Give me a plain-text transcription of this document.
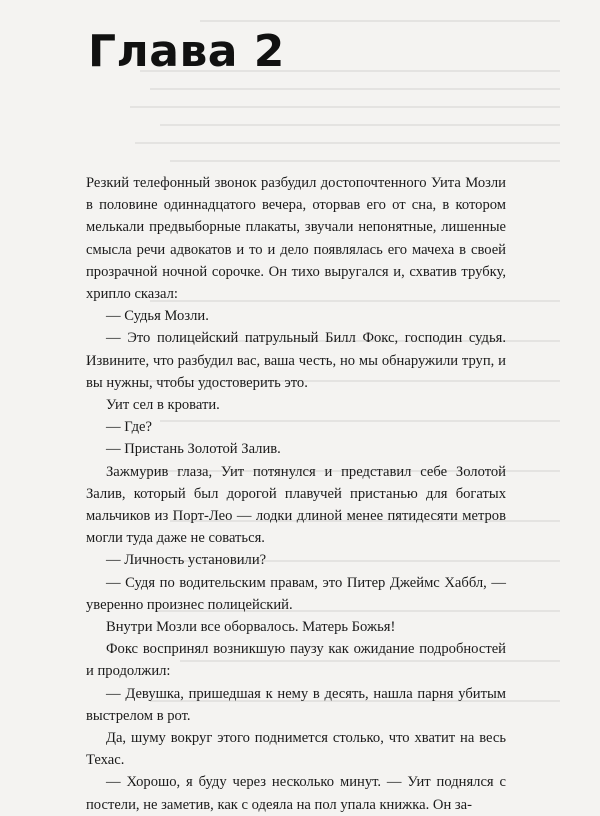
Глава 2

Резкий телефонный звонок разбудил достопочтенного Уита Мозли в половине одиннадцатого вечера, оторвав его от сна, в котором мелькали предвыборные плакаты, звучали непонятные, лишенные смысла речи адвокатов и то и дело появлялась его мачеха в своей прозрачной ночной сорочке. Он тихо выругался и, схватив трубку, хрипло сказал:

— Судья Мозли.

— Это полицейский патрульный Билл Фокс, господин судья. Извините, что разбудил вас, ваша честь, но мы обнаружили труп, и вы нужны, чтобы удостоверить это.

Уит сел в кровати.

— Где?

— Пристань Золотой Залив.

Зажмурив глаза, Уит потянулся и представил себе Золотой Залив, который был дорогой плавучей пристанью для богатых мальчиков из Порт-Лео — лодки длиной менее пятидесяти метров могли туда даже не соваться.

— Личность установили?

— Судя по водительским правам, это Питер Джеймс Хаббл, — уверенно произнес полицейский.

Внутри Мозли все оборвалось. Матерь Божья!

Фокс воспринял возникшую паузу как ожидание подробностей и продолжил:

— Девушка, пришедшая к нему в десять, нашла парня убитым выстрелом в рот.

Да, шуму вокруг этого поднимется столько, что хватит на весь Техас.

— Хорошо, я буду через несколько минут. — Уит поднялся с постели, не заметив, как с одеяла на пол упала книжка. Он за-
